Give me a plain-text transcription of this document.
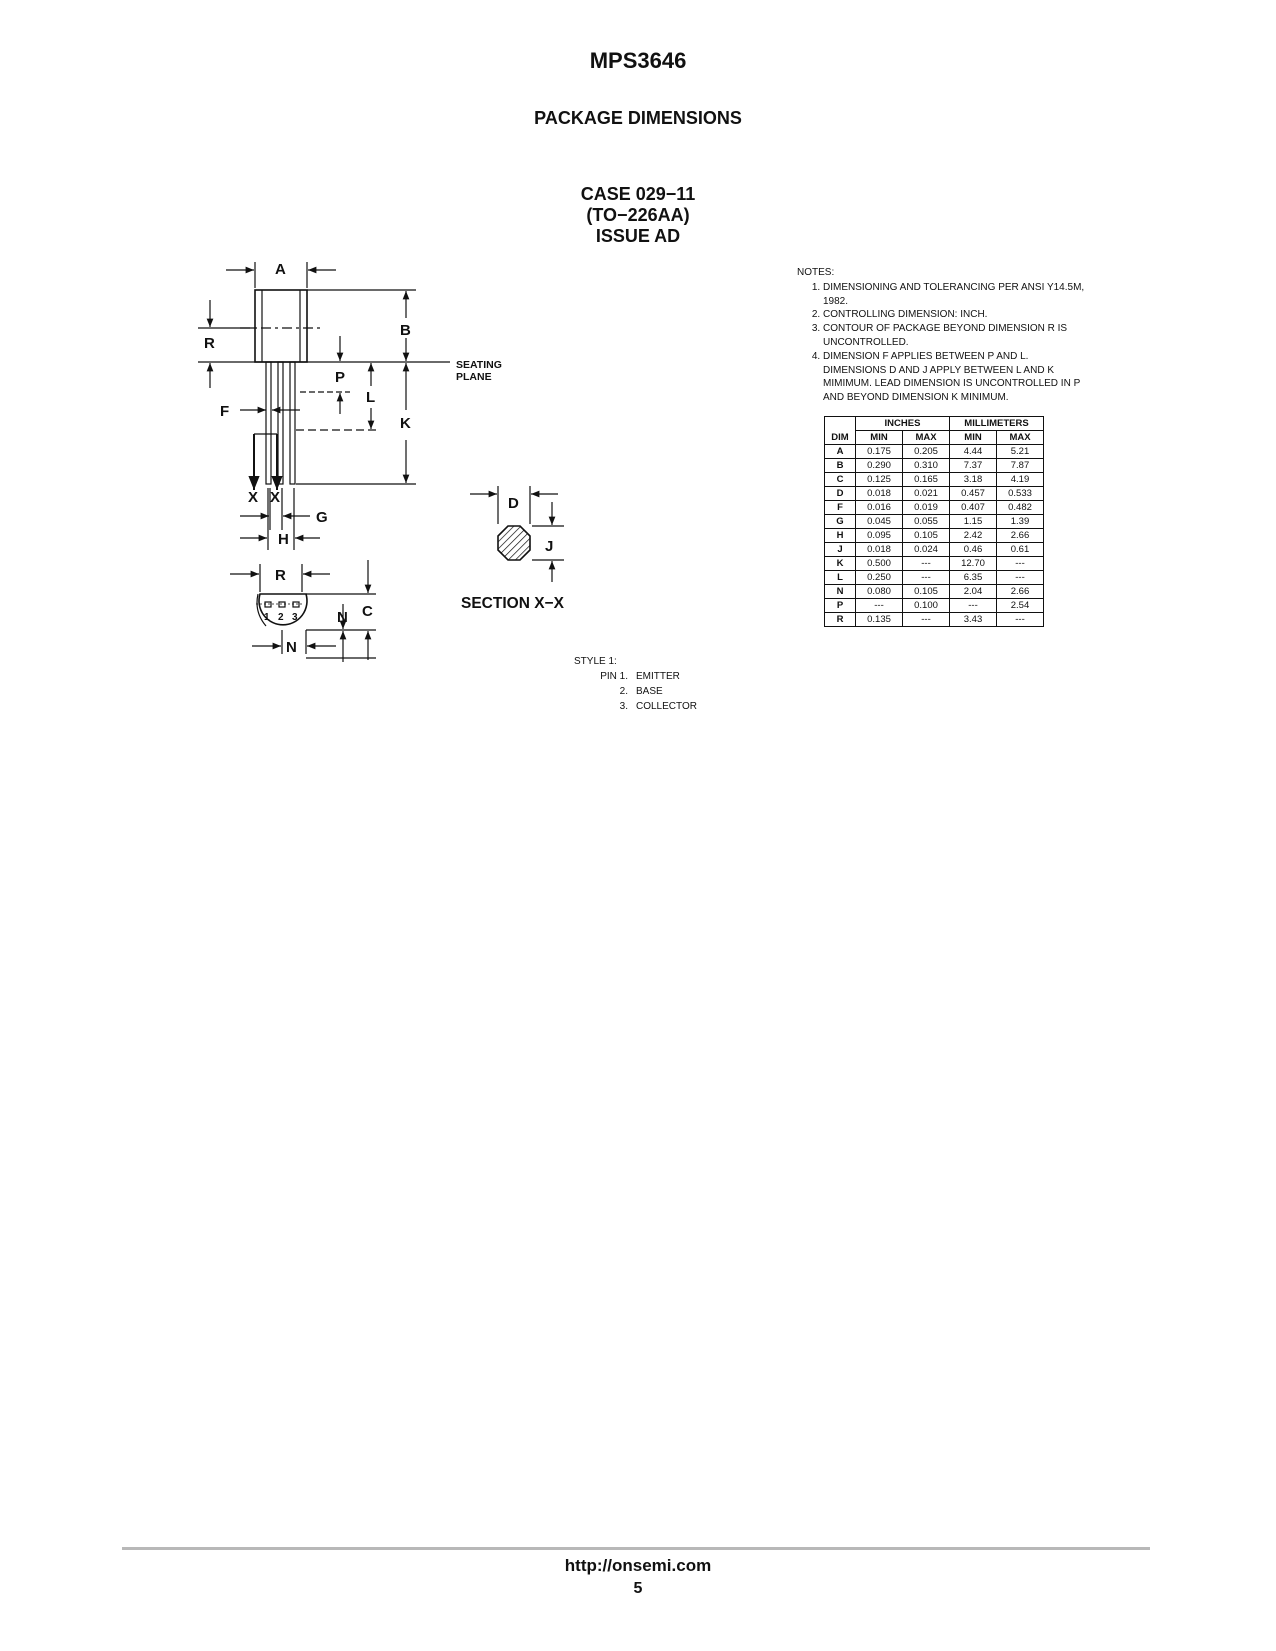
MPS3646
PACKAGE DIMENSIONS
CASE 029−11
(TO−226AA)
ISSUE AD
A
B
R
P
L
F
K
X X
G
H
R
N C
N
D
J
1 2 3
SEATING
PLANE
SECTION X−X
NOTES:
1. DIMENSIONING AND TOLERANCING PER ANSI Y14.5M, 1982.
2. CONTROLLING DIMENSION: INCH.
3. CONTOUR OF PACKAGE BEYOND DIMENSION R IS UNCONTROLLED.
4. DIMENSION F APPLIES BETWEEN P AND L. DIMENSIONS D AND J APPLY BETWEEN L AND K MIMIMUM. LEAD DIMENSION IS UNCONTROLLED IN P AND BEYOND DIMENSION K MINIMUM.
	INCHES		MILLIMETERS	
DIM	MIN	MAX	MIN	MAX
A	0.175	0.205	4.44	5.21
B	0.290	0.310	7.37	7.87
C	0.125	0.165	3.18	4.19
D	0.018	0.021	0.457	0.533
F	0.016	0.019	0.407	0.482
G	0.045	0.055	1.15	1.39
H	0.095	0.105	2.42	2.66
J	0.018	0.024	0.46	0.61
K	0.500	---	12.70	---
L	0.250	---	6.35	---
N	0.080	0.105	2.04	2.66
P	---	0.100	---	2.54
R	0.135	---	3.43	---
STYLE 1:
PIN 1. EMITTER
2. BASE
3. COLLECTOR
http://onsemi.com
5
